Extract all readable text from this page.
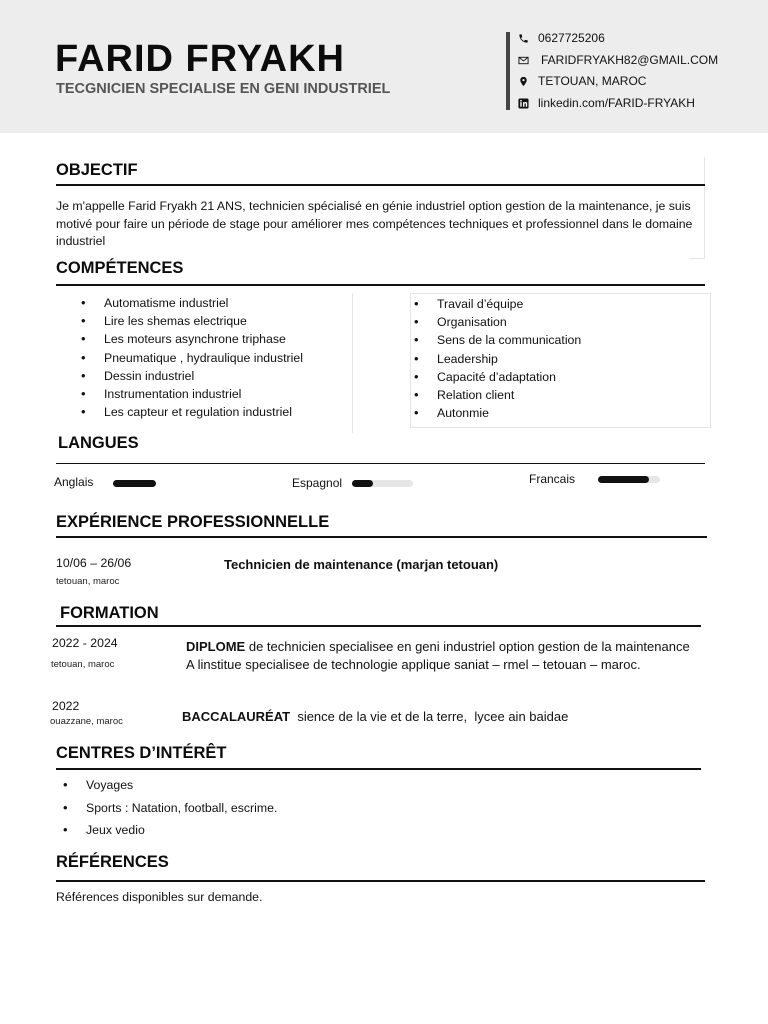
FARID FRYAKH
TECGNICIEN SPECIALISE EN GENI INDUSTRIEL
0627725206
FARIDFRYAKH82@GMAIL.COM
TETOUAN, MAROC
linkedin.com/FARID-FRYAKH
OBJECTIF
Je m'appelle Farid Fryakh 21 ANS, technicien spécialisé en génie industriel option gestion de la maintenance, je suis motivé pour faire un période de stage pour améliorer mes compétences techniques et professionnel dans le domaine industriel
COMPÉTENCES
• Automatisme industriel
• Lire les shemas electrique
• Les moteurs asynchrone triphase
• Pneumatique , hydraulique industriel
• Dessin industriel
• Instrumentation industriel
• Les capteur et regulation industriel
• Travail d’équipe
• Organisation
• Sens de la communication
• Leadership
• Capacité d’adaptation
• Relation client
• Autonmie
LANGUES
Anglais	Espagnol	Francais
EXPÉRIENCE PROFESSIONNELLE
10/06 – 26/06
tetouan, maroc
Technicien de maintenance (marjan tetouan)
FORMATION
2022 - 2024
tetouan, maroc
DIPLOME de technicien specialisee en geni industriel option gestion de la maintenance
A linstitue specialisee de technologie applique saniat – rmel – tetouan – maroc.
2022
ouazzane, maroc	BACCALAURÉAT  sience de la vie et de la terre,  lycee ain baidae
CENTRES D’INTÉRÊT
• Voyages
• Sports : Natation, football, escrime.
• Jeux vedio
RÉFÉRENCES
Références disponibles sur demande.
